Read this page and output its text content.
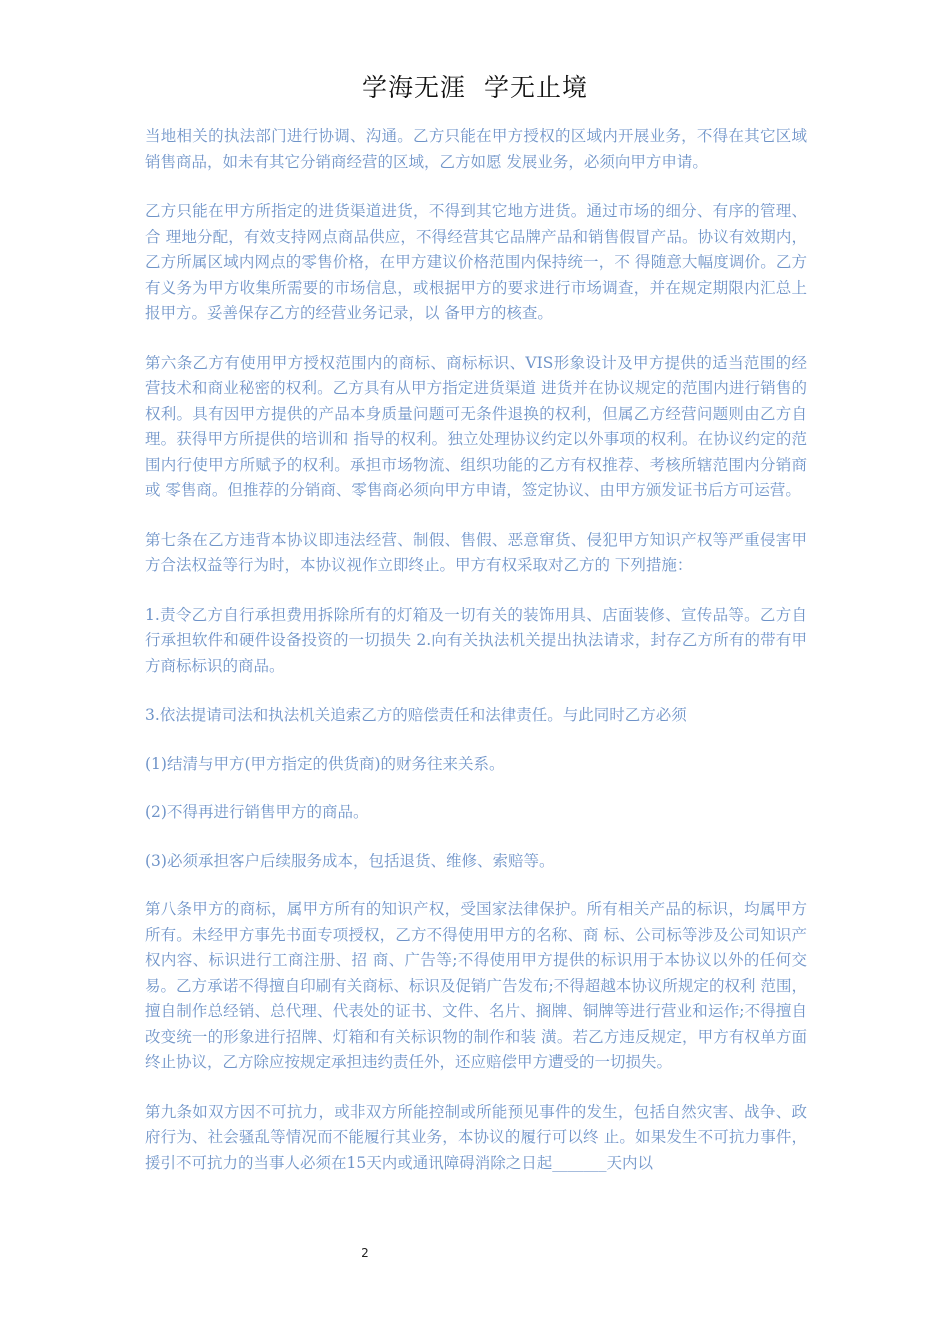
学海无涯  学无止境

当地相关的执法部门进行协调、沟通。乙方只能在甲方授权的区域内开展业务，不得在其它区域销售商品，如未有其它分销商经营的区域，乙方如愿 发展业务，必须向甲方申请。

乙方只能在甲方所指定的进货渠道进货，不得到其它地方进货。通过市场的细分、有序的管理、合 理地分配，有效支持网点商品供应，不得经营其它品牌产品和销售假冒产品。协议有效期内，乙方所属区域内网点的零售价格，在甲方建议价格范围内保持统一，不 得随意大幅度调价。乙方有义务为甲方收集所需要的市场信息，或根据甲方的要求进行市场调查，并在规定期限内汇总上报甲方。妥善保存乙方的经营业务记录，以 备甲方的核查。

第六条乙方有使用甲方授权范围内的商标、商标标识、VIS形象设计及甲方提供的适当范围的经营技术和商业秘密的权利。乙方具有从甲方指定进货渠道 进货并在协议规定的范围内进行销售的权利。具有因甲方提供的产品本身质量问题可无条件退换的权利，但属乙方经营问题则由乙方自理。获得甲方所提供的培训和 指导的权利。独立处理协议约定以外事项的权利。在协议约定的范围内行使甲方所赋予的权利。承担市场物流、组织功能的乙方有权推荐、考核所辖范围内分销商或 零售商。但推荐的分销商、零售商必须向甲方申请，签定协议、由甲方颁发证书后方可运营。

第七条在乙方违背本协议即违法经营、制假、售假、恶意窜货、侵犯甲方知识产权等严重侵害甲方合法权益等行为时，本协议视作立即终止。甲方有权采取对乙方的 下列措施：

1.责令乙方自行承担费用拆除所有的灯箱及一切有关的装饰用具、店面装修、宣传品等。乙方自行承担软件和硬件设备投资的一切损失 2.向有关执法机关提出执法请求，封存乙方所有的带有甲方商标标识的商品。

3.依法提请司法和执法机关追索乙方的赔偿责任和法律责任。与此同时乙方必须

(1)结清与甲方(甲方指定的供货商)的财务往来关系。

(2)不得再进行销售甲方的商品。

(3)必须承担客户后续服务成本，包括退货、维修、索赔等。

第八条甲方的商标，属甲方所有的知识产权，受国家法律保护。所有相关产品的标识，均属甲方所有。未经甲方事先书面专项授权，乙方不得使用甲方的名称、商 标、公司标等涉及公司知识产权内容、标识进行工商注册、招 商、广告等;不得使用甲方提供的标识用于本协议以外的任何交易。乙方承诺不得擅自印刷有关商标、标识及促销广告发布;不得超越本协议所规定的权利 范围，擅自制作总经销、总代理、代表处的证书、文件、名片、搁牌、铜牌等进行营业和运作;不得擅自改变统一的形象进行招牌、灯箱和有关标识物的制作和装 潢。若乙方违反规定，甲方有权单方面终止协议，乙方除应按规定承担违约责任外，还应赔偿甲方遭受的一切损失。

第九条如双方因不可抗力，或非双方所能控制或所能预见事件的发生，包括自然灾害、战争、政府行为、社会骚乱等情况而不能履行其业务，本协议的履行可以终 止。如果发生不可抗力事件，援引不可抗力的当事人必须在15天内或通讯障碍消除之日起_______天内以

2
